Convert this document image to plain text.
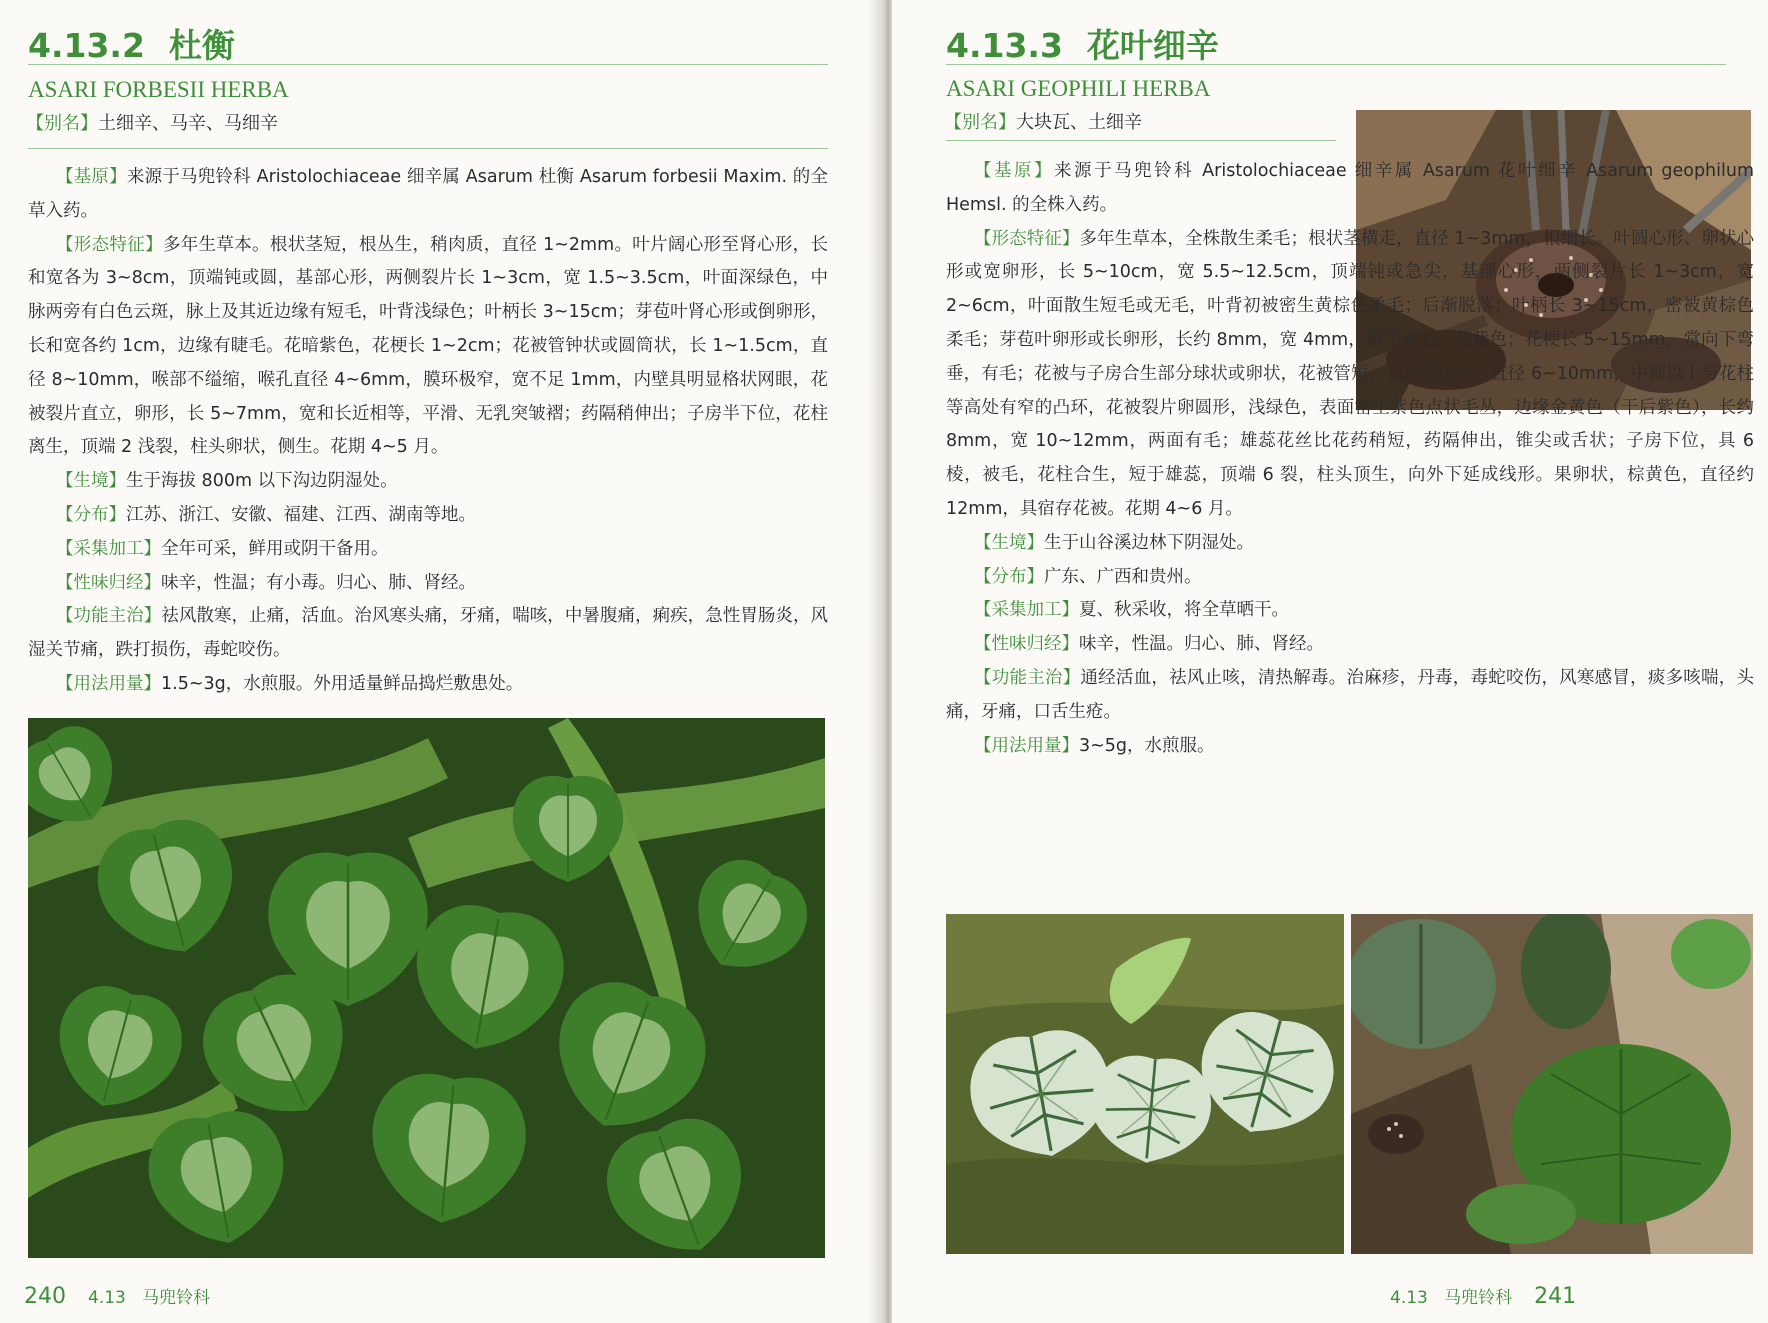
4.13.2 杜衡
ASARI FORBESII HERBA
【别名】土细辛、马辛、马细辛

【基原】来源于马兜铃科 Aristolochiaceae 细辛属 Asarum 杜衡 Asarum forbesii Maxim. 的全草入药。

【形态特征】多年生草本。根状茎短，根丛生，稍肉质，直径 1~2mm。叶片阔心形至肾心形，长和宽各为 3~8cm，顶端钝或圆，基部心形，两侧裂片长 1~3cm，宽 1.5~3.5cm，叶面深绿色，中脉两旁有白色云斑，脉上及其近边缘有短毛，叶背浅绿色；叶柄长 3~15cm；芽苞叶肾心形或倒卵形，长和宽各约 1cm，边缘有睫毛。花暗紫色，花梗长 1~2cm；花被管钟状或圆筒状，长 1~1.5cm，直径 8~10mm，喉部不缢缩，喉孔直径 4~6mm，膜环极窄，宽不足 1mm，内壁具明显格状网眼，花被裂片直立，卵形，长 5~7mm，宽和长近相等，平滑、无乳突皱褶；药隔稍伸出；子房半下位，花柱离生，顶端 2 浅裂，柱头卵状，侧生。花期 4~5 月。

【生境】生于海拔 800m 以下沟边阴湿处。

【分布】江苏、浙江、安徽、福建、江西、湖南等地。

【采集加工】全年可采，鲜用或阴干备用。

【性味归经】味辛，性温；有小毒。归心、肺、肾经。

【功能主治】祛风散寒，止痛，活血。治风寒头痛，牙痛，喘咳，中暑腹痛，痢疾，急性胃肠炎，风湿关节痛，跌打损伤，毒蛇咬伤。

【用法用量】1.5~3g，水煎服。外用适量鲜品捣烂敷患处。

240 4.13 马兜铃科
4.13.3 花叶细辛
ASARI GEOPHILI HERBA
【别名】大块瓦、土细辛

【基原】来源于马兜铃科 Aristolochiaceae 细辛属 Asarum 花叶细辛 Asarum geophilum Hemsl. 的全株入药。

【形态特征】多年生草本，全株散生柔毛；根状茎横走，直径 1~3mm，根细长。叶圆心形、卵状心形或宽卵形，长 5~10cm，宽 5.5~12.5cm，顶端钝或急尖，基部心形，两侧裂片长 1~3cm，宽 2~6cm，叶面散生短毛或无毛，叶背初被密生黄棕色柔毛；后渐脱落；叶柄长 3~15cm，密被黄棕色柔毛；芽苞叶卵形或长卵形，长约 8mm，宽 4mm，密生柔毛。花紫色；花梗长 5~15mm，常向下弯垂，有毛；花被与子房合生部分球状或卵状，花被管短，长约 5mm，直径 6~10mm，中部以上与花柱等高处有窄的凸环，花被裂片卵圆形，浅绿色，表面密生紫色点状毛丛，边缘金黄色（干后紫色），长约 8mm，宽 10~12mm，两面有毛；雄蕊花丝比花药稍短，药隔伸出，锥尖或舌状；子房下位，具 6 棱，被毛，花柱合生，短于雄蕊，顶端 6 裂，柱头顶生，向外下延成线形。果卵状，棕黄色，直径约 12mm，具宿存花被。花期 4~6 月。

【生境】生于山谷溪边林下阴湿处。

【分布】广东、广西和贵州。

【采集加工】夏、秋采收，将全草晒干。

【性味归经】味辛，性温。归心、肺、肾经。

【功能主治】通经活血，祛风止咳，清热解毒。治麻疹，丹毒，毒蛇咬伤，风寒感冒，痰多咳喘，头痛，牙痛，口舌生疮。

【用法用量】3~5g，水煎服。

4.13 马兜铃科 241
